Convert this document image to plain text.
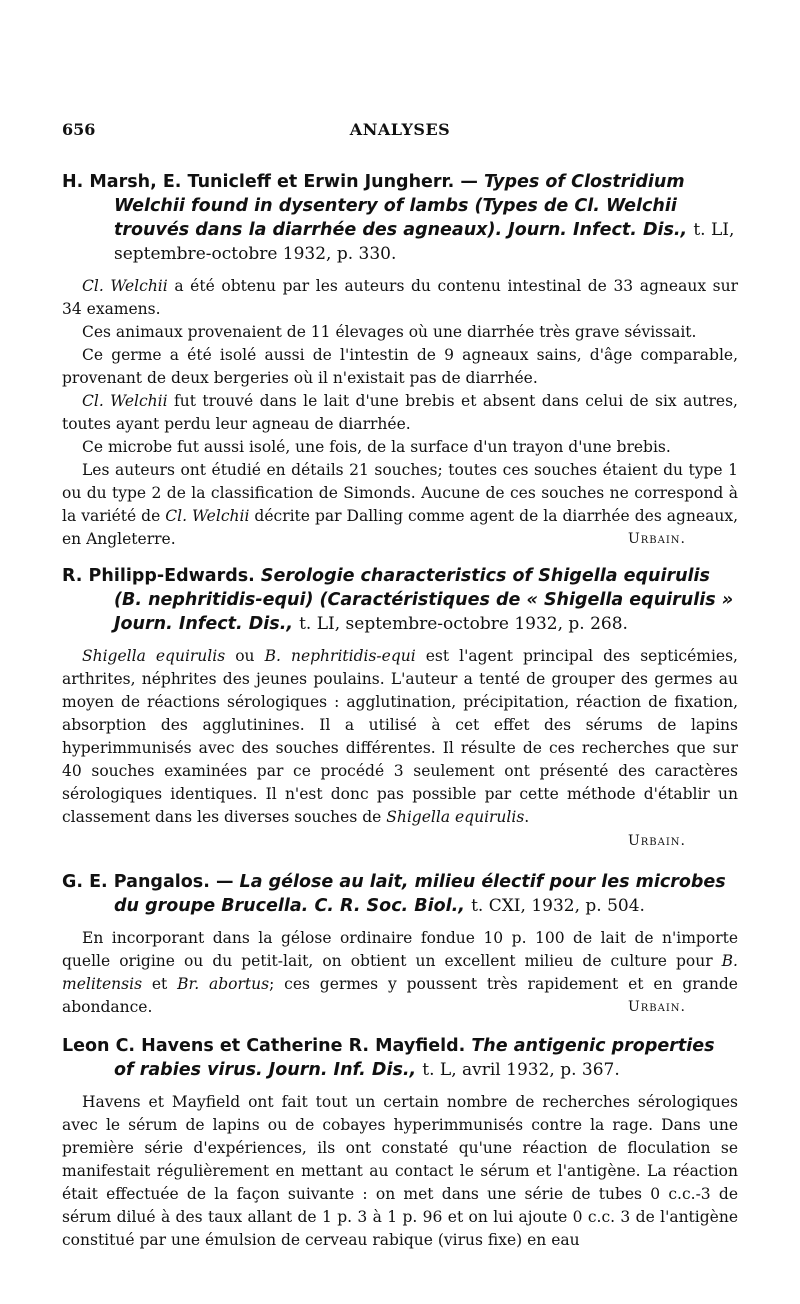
656	ANALYSES

H. Marsh, E. Tunicleff et Erwin Jungherr. — Types of Clostridium Welchii found in dysentery of lambs (Types de Cl. Welchii trouvés dans la diarrhée des agneaux). Journ. Infect. Dis., t. LI, septembre-octobre 1932, p. 330.

Cl. Welchii a été obtenu par les auteurs du contenu intestinal de 33 agneaux sur 34 examens.

Ces animaux provenaient de 11 élevages où une diarrhée très grave sévissait.

Ce germe a été isolé aussi de l'intestin de 9 agneaux sains, d'âge comparable, provenant de deux bergeries où il n'existait pas de diarrhée.

Cl. Welchii fut trouvé dans le lait d'une brebis et absent dans celui de six autres, toutes ayant perdu leur agneau de diarrhée.

Ce microbe fut aussi isolé, une fois, de la surface d'un trayon d'une brebis.

Les auteurs ont étudié en détails 21 souches; toutes ces souches étaient du type 1 ou du type 2 de la classification de Simonds. Aucune de ces souches ne correspond à la variété de Cl. Welchii décrite par Dalling comme agent de la diarrhée des agneaux, en Angleterre.	Urbain.

R. Philipp-Edwards. Serologie characteristics of Shigella equirulis (B. nephritidis-equi) (Caractéristiques de « Shigella equirulis » Journ. Infect. Dis., t. LI, septembre-octobre 1932, p. 268.

Shigella equirulis ou B. nephritidis-equi est l'agent principal des septicémies, arthrites, néphrites des jeunes poulains. L'auteur a tenté de grouper des germes au moyen de réactions sérologiques : agglutination, précipitation, réaction de fixation, absorption des agglutinines. Il a utilisé à cet effet des sérums de lapins hyperimmunisés avec des souches différentes. Il résulte de ces recherches que sur 40 souches examinées par ce procédé 3 seulement ont présenté des caractères sérologiques identiques. Il n'est donc pas possible par cette méthode d'établir un classement dans les diverses souches de Shigella equirulis.

Urbain.

G. E. Pangalos. — La gélose au lait, milieu électif pour les microbes du groupe Brucella. C. R. Soc. Biol., t. CXI, 1932, p. 504.

En incorporant dans la gélose ordinaire fondue 10 p. 100 de lait de n'importe quelle origine ou du petit-lait, on obtient un excellent milieu de culture pour B. melitensis et Br. abortus; ces germes y poussent très rapidement et en grande abondance.	Urbain.

Leon C. Havens et Catherine R. Mayfield. The antigenic properties of rabies virus. Journ. Inf. Dis., t. L, avril 1932, p. 367.

Havens et Mayfield ont fait tout un certain nombre de recherches sérologiques avec le sérum de lapins ou de cobayes hyperimmunisés contre la rage. Dans une première série d'expériences, ils ont constaté qu'une réaction de floculation se manifestait régulièrement en mettant au contact le sérum et l'antigène. La réaction était effectuée de la façon suivante : on met dans une série de tubes 0 c.c.-3 de sérum dilué à des taux allant de 1 p. 3 à 1 p. 96 et on lui ajoute 0 c.c. 3 de l'antigène constitué par une émulsion de cerveau rabique (virus fixe) en eau
